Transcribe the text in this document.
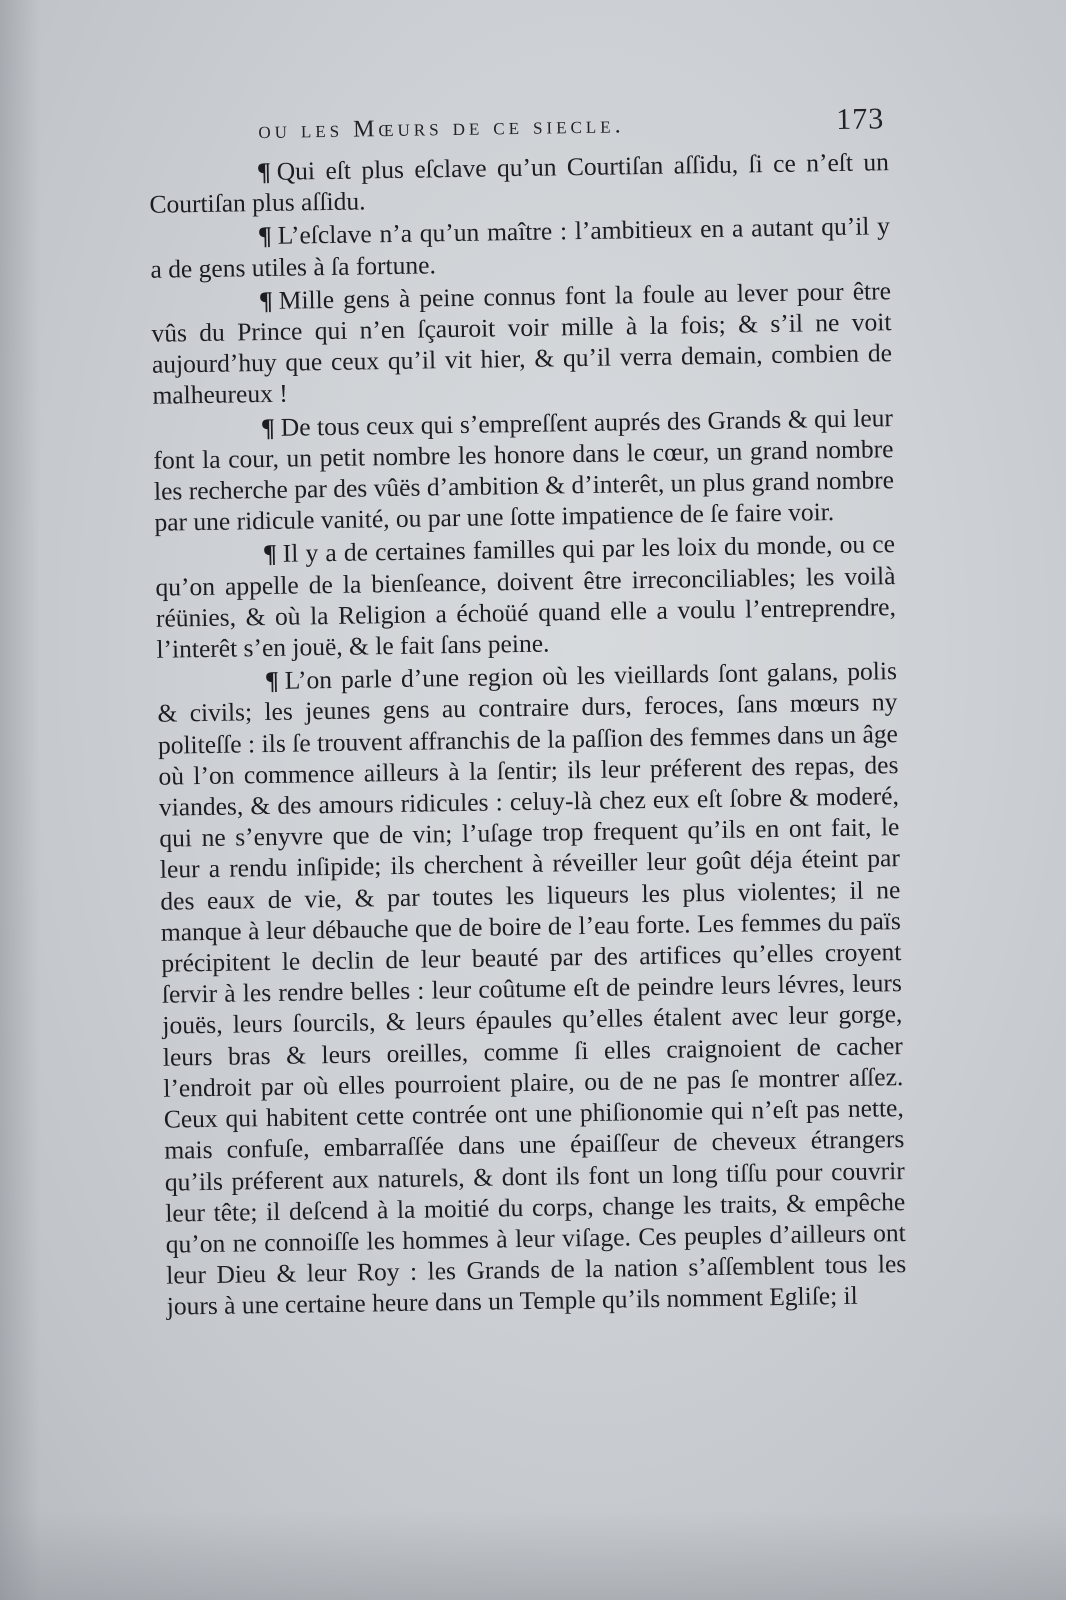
ou les Mœurs de ce siecle.	173

¶ Qui eſt plus eſclave qu’un Courtiſan aſſidu, ſi ce n’eſt un Courtiſan plus aſſidu.

¶ L’eſclave n’a qu’un maître : l’ambitieux en a autant qu’il y a de gens utiles à ſa fortune.

¶ Mille gens à peine connus font la foule au lever pour être vûs du Prince qui n’en ſçauroit voir mille à la fois; & s’il ne voit aujourd’huy que ceux qu’il vit hier, & qu’il verra demain, combien de malheureux !

¶ De tous ceux qui s’empreſſent auprés des Grands & qui leur font la cour, un petit nombre les honore dans le cœur, un grand nombre les recherche par des vûës d’ambition & d’interêt, un plus grand nombre par une ridicule vanité, ou par une ſotte impatience de ſe faire voir.

¶ Il y a de certaines familles qui par les loix du monde, ou ce qu’on appelle de la bienſeance, doivent être irreconciliables; les voilà réünies, & où la Religion a échoüé quand elle a voulu l’entreprendre, l’interêt s’en jouë, & le fait ſans peine.

¶ L’on parle d’une region où les vieillards ſont galans, polis & civils; les jeunes gens au contraire durs, feroces, ſans mœurs ny politeſſe : ils ſe trouvent affranchis de la paſſion des femmes dans un âge où l’on commence ailleurs à la ſentir; ils leur préferent des repas, des viandes, & des amours ridicules : celuy-là chez eux eſt ſobre & moderé, qui ne s’enyvre que de vin; l’uſage trop frequent qu’ils en ont fait, le leur a rendu inſipide; ils cherchent à réveiller leur goût déja éteint par des eaux de vie, & par toutes les liqueurs les plus violentes; il ne manque à leur débauche que de boire de l’eau forte. Les femmes du païs précipitent le declin de leur beauté par des artifices qu’elles croyent ſervir à les rendre belles : leur coûtume eſt de peindre leurs lévres, leurs jouës, leurs ſourcils, & leurs épaules qu’elles étalent avec leur gorge, leurs bras & leurs oreilles, comme ſi elles craignoient de cacher l’endroit par où elles pourroient plaire, ou de ne pas ſe montrer aſſez. Ceux qui habitent cette contrée ont une phiſionomie qui n’eſt pas nette, mais confuſe, embarraſſée dans une épaiſſeur de cheveux étrangers qu’ils préferent aux naturels, & dont ils font un long tiſſu pour couvrir leur tête; il deſcend à la moitié du corps, change les traits, & empêche qu’on ne connoiſſe les hommes à leur viſage. Ces peuples d’ailleurs ont leur Dieu & leur Roy : les Grands de la nation s’aſſemblent tous les jours à une certaine heure dans un Temple qu’ils nomment Egliſe; il
